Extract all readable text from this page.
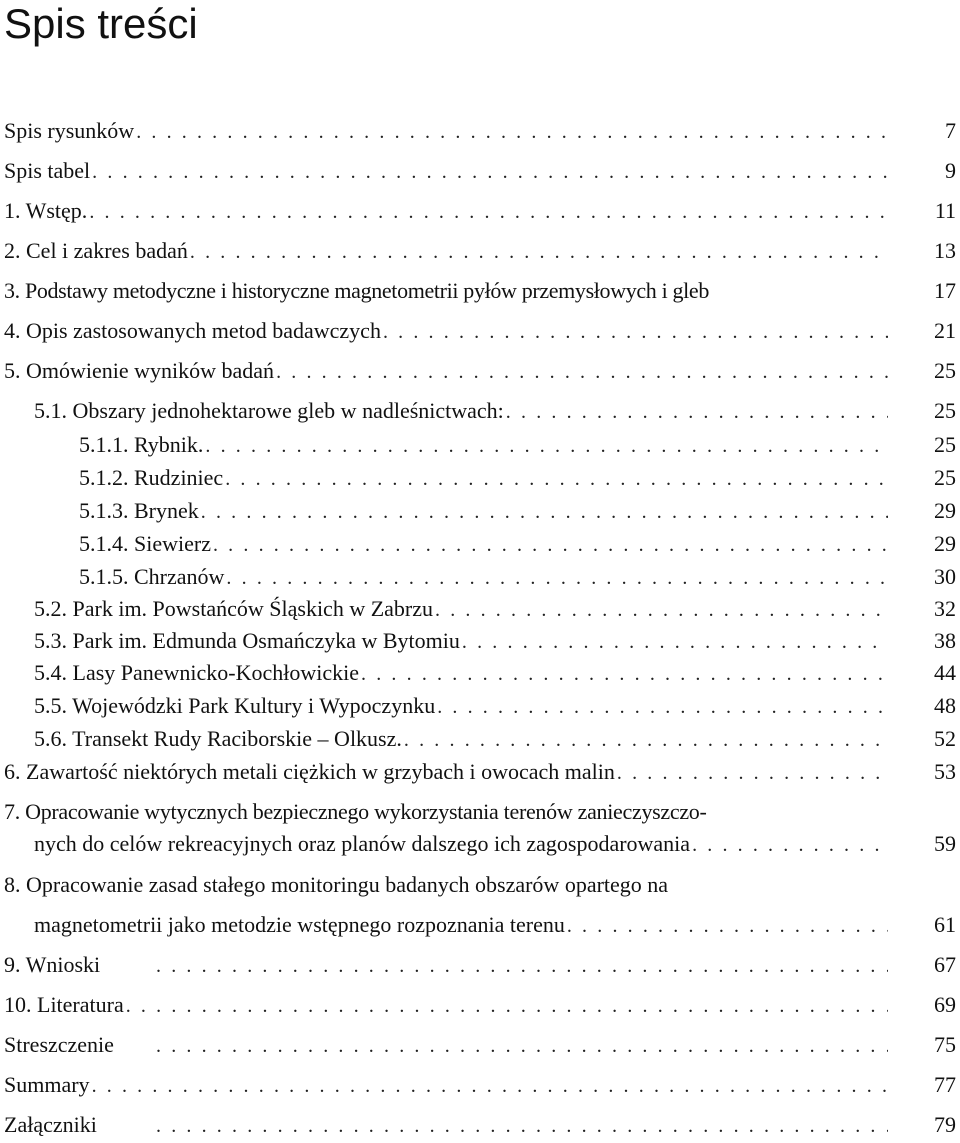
Spis treści
Spis rysunków . . .	7
Spis tabel . . .	9
1. Wstęp. . . .	11
2. Cel i zakres badań . . .	13
3. Podstawy metodyczne i historyczne magnetometrii pyłów przemysłowych i gleb	17
4. Opis zastosowanych metod badawczych . . .	21
5. Omówienie wyników badań . . .	25
5.1. Obszary jednohektarowe gleb w nadleśnictwach: . . .	25
5.1.1. Rybnik. . . .	25
5.1.2. Rudziniec . . .	25
5.1.3. Brynek . . .	29
5.1.4. Siewierz . . .	29
5.1.5. Chrzanów . . .	30
5.2. Park im. Powstańców Śląskich w Zabrzu . . .	32
5.3. Park im. Edmunda Osmańczyka w Bytomiu . . .	38
5.4. Lasy Panewnicko-Kochłowickie . . .	44
5.5. Wojewódzki Park Kultury i Wypoczynku . . .	48
5.6. Transekt Rudy Raciborskie – Olkusz. . . .	52
6. Zawartość niektórych metali ciężkich w grzybach i owocach malin . . .	53
7. Opracowanie wytycznych bezpiecznego wykorzystania terenów zanieczyszczo-
nych do celów rekreacyjnych oraz planów dalszego ich zagospodarowania . . .	59
8. Opracowanie zasad stałego monitoringu badanych obszarów opartego na
magnetometrii jako metodzie wstępnego rozpoznania terenu . . .	61
9. Wnioski . . .	67
10. Literatura . . .	69
Streszczenie . . .	75
Summary . . .	77
Załączniki . . .	79
